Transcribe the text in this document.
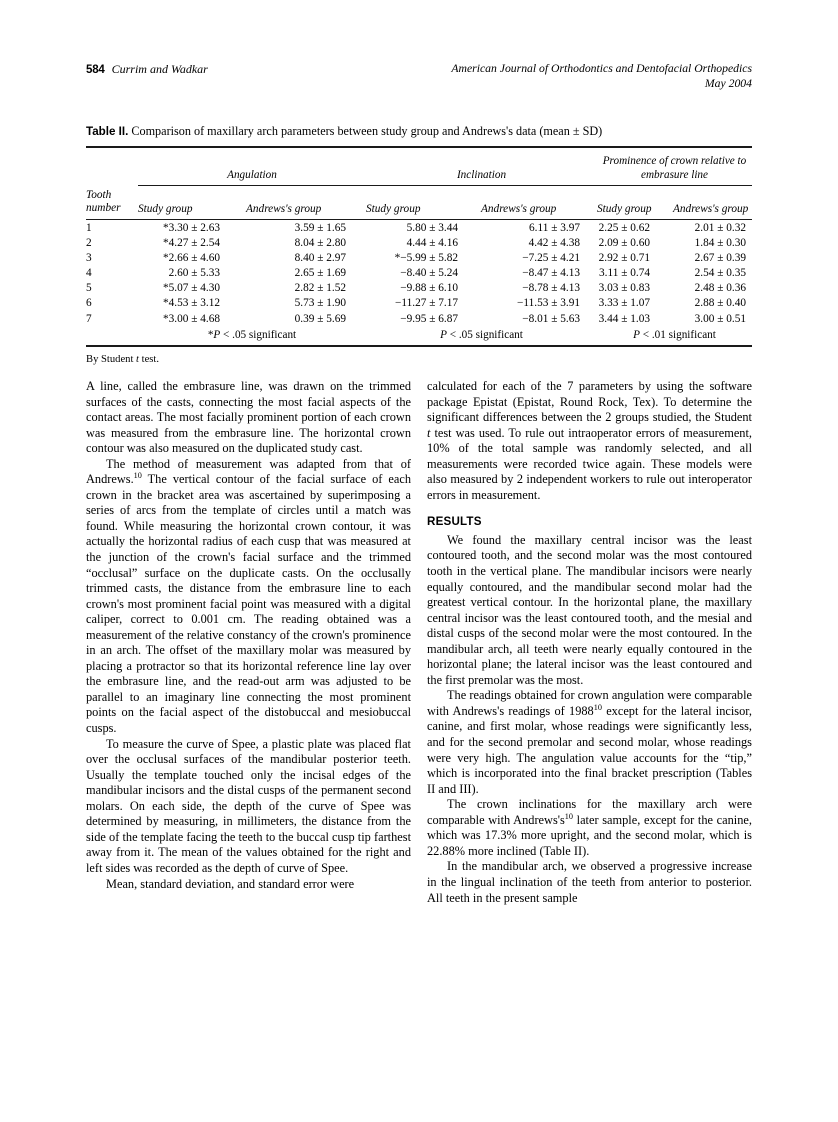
584 Currim and Wadkar	American Journal of Orthodontics and Dentofacial Orthopedics
May 2004
Table II. Comparison of maxillary arch parameters between study group and Andrews's data (mean ± SD)

	Angulation		Inclination		Prominence of crown relative to embrasure line	
Tooth
number	Study group	Andrews's group	Study group	Andrews's group	Study group	Andrews's group

1	*3.30 ± 2.63	3.59 ± 1.65	5.80 ± 3.44	6.11 ± 3.97	2.25 ± 0.62	2.01 ± 0.32
2	*4.27 ± 2.54	8.04 ± 2.80	4.44 ± 4.16	4.42 ± 4.38	2.09 ± 0.60	1.84 ± 0.30
3	*2.66 ± 4.60	8.40 ± 2.97	*−5.99 ± 5.82	−7.25 ± 4.21	2.92 ± 0.71	2.67 ± 0.39
4	2.60 ± 5.33	2.65 ± 1.69	−8.40 ± 5.24	−8.47 ± 4.13	3.11 ± 0.74	2.54 ± 0.35
5	*5.07 ± 4.30	2.82 ± 1.52	−9.88 ± 6.10	−8.78 ± 4.13	3.03 ± 0.83	2.48 ± 0.36
6	*4.53 ± 3.12	5.73 ± 1.90	−11.27 ± 7.17	−11.53 ± 3.91	3.33 ± 1.07	2.88 ± 0.40
7	*3.00 ± 4.68	0.39 ± 5.69	−9.95 ± 6.87	−8.01 ± 5.63	3.44 ± 1.03	3.00 ± 0.51
	*P < .05 significant		P < .05 significant		P < .01 significant	

By Student t test.

A line, called the embrasure line, was drawn on the trimmed surfaces of the casts, connecting the most facial aspects of the contact areas. The most facially prominent portion of each crown was measured from the embrasure line. The horizontal crown contour was also measured on the duplicated study cast.

The method of measurement was adapted from that of Andrews.$^{10}$ The vertical contour of the facial surface of each crown in the bracket area was ascertained by superimposing a series of arcs from the template of circles until a match was found. While measuring the horizontal crown contour, it was actually the horizontal radius of each cusp that was measured at the junction of the crown's facial surface and the trimmed “occlusal” surface on the duplicate casts. On the occlusally trimmed casts, the distance from the embrasure line to each crown's most prominent facial point was measured with a digital caliper, correct to 0.001 cm. The reading obtained was a measurement of the relative constancy of the crown's prominence in an arch. The offset of the maxillary molar was measured by placing a protractor so that its horizontal reference line lay over the embrasure line, and the read-out arm was adjusted to be parallel to an imaginary line connecting the most prominent points on the facial aspect of the distobuccal and mesiobuccal cusps.

To measure the curve of Spee, a plastic plate was placed flat over the occlusal surfaces of the mandibular posterior teeth. Usually the template touched only the incisal edges of the mandibular incisors and the distal cusps of the permanent second molars. On each side, the depth of the curve of Spee was determined by measuring, in millimeters, the distance from the side of the template facing the teeth to the buccal cusp tip farthest away from it. The mean of the values obtained for the right and left sides was recorded as the depth of curve of Spee.

Mean, standard deviation, and standard error were

calculated for each of the 7 parameters by using the software package Epistat (Epistat, Round Rock, Tex). To determine the significant differences between the 2 groups studied, the Student t test was used. To rule out intraoperator errors of measurement, 10% of the total sample was randomly selected, and all measurements were recorded twice again. These models were also measured by 2 independent workers to rule out interoperator errors in measurement.

RESULTS

We found the maxillary central incisor was the least contoured tooth, and the second molar was the most contoured tooth in the vertical plane. The mandibular incisors were nearly equally contoured, and the mandibular second molar had the greatest vertical contour. In the horizontal plane, the maxillary central incisor was the least contoured tooth, and the mesial and distal cusps of the second molar were the most contoured. In the mandibular arch, all teeth were nearly equally contoured in the horizontal plane; the lateral incisor was the least contoured and the first premolar was the most.

The readings obtained for crown angulation were comparable with Andrews's readings of 1988$^{10}$ except for the lateral incisor, canine, and first molar, whose readings were significantly less, and for the second premolar and second molar, whose readings were very high. The angulation value accounts for the “tip,” which is incorporated into the final bracket prescription (Tables II and III).

The crown inclinations for the maxillary arch were comparable with $Andrews's^{10}$ later sample, except for the canine, which was 17.3% more upright, and the second molar, which is 22.88% more inclined (Table II).

In the mandibular arch, we observed a progressive increase in the lingual inclination of the teeth from anterior to posterior. All teeth in the present sample
